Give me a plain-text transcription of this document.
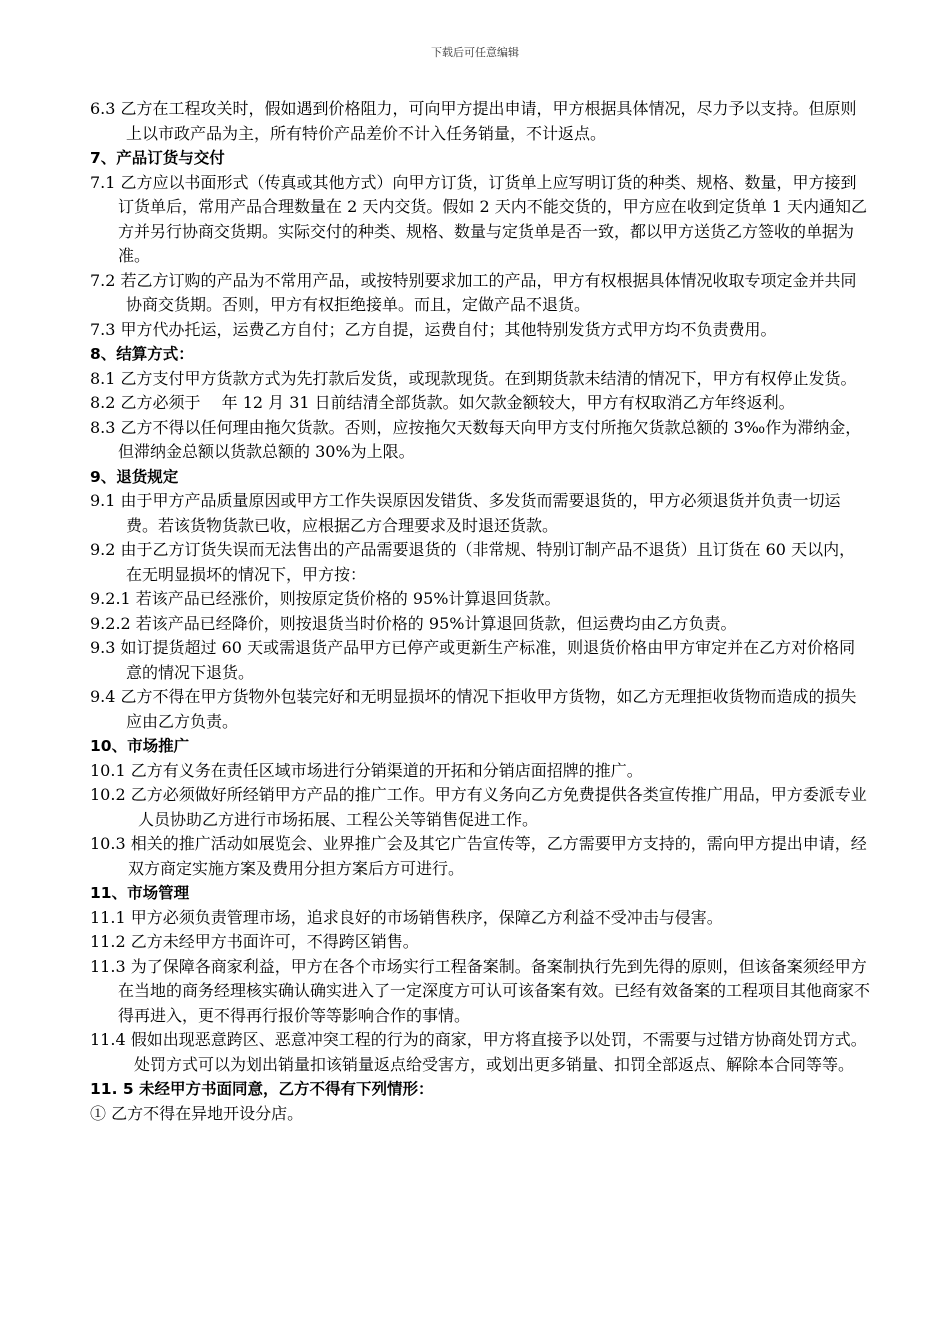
下载后可任意编辑

6.3 乙方在工程攻关时，假如遇到价格阻力，可向甲方提出申请，甲方根据具体情况，尽力予以支持。但原则上以市政产品为主，所有特价产品差价不计入任务销量，不计返点。

7、产品订货与交付

7.1 乙方应以书面形式（传真或其他方式）向甲方订货，订货单上应写明订货的种类、规格、数量，甲方接到订货单后，常用产品合理数量在 2 天内交货。假如 2 天内不能交货的，甲方应在收到定货单 1 天内通知乙方并另行协商交货期。实际交付的种类、规格、数量与定货单是否一致，都以甲方送货乙方签收的单据为准。

7.2 若乙方订购的产品为不常用产品，或按特别要求加工的产品，甲方有权根据具体情况收取专项定金并共同协商交货期。否则，甲方有权拒绝接单。而且，定做产品不退货。

7.3 甲方代办托运，运费乙方自付；乙方自提，运费自付；其他特别发货方式甲方均不负责费用。

8、结算方式：

8.1 乙方支付甲方货款方式为先打款后发货，或现款现货。在到期货款未结清的情况下，甲方有权停止发货。

8.2 乙方必须于　 年 12 月 31 日前结清全部货款。如欠款金额较大，甲方有权取消乙方年终返利。

8.3 乙方不得以任何理由拖欠货款。否则，应按拖欠天数每天向甲方支付所拖欠货款总额的 3‰作为滞纳金，但滞纳金总额以货款总额的 30%为上限。

9、退货规定

9.1 由于甲方产品质量原因或甲方工作失误原因发错货、多发货而需要退货的，甲方必须退货并负责一切运费。若该货物货款已收，应根据乙方合理要求及时退还货款。

9.2 由于乙方订货失误而无法售出的产品需要退货的（非常规、特别订制产品不退货）且订货在 60 天以内，在无明显损坏的情况下，甲方按：

9.2.1 若该产品已经涨价，则按原定货价格的 95%计算退回货款。

9.2.2 若该产品已经降价，则按退货当时价格的 95%计算退回货款，但运费均由乙方负责。

9.3 如订提货超过 60 天或需退货产品甲方已停产或更新生产标准，则退货价格由甲方审定并在乙方对价格同意的情况下退货。

9.4 乙方不得在甲方货物外包装完好和无明显损坏的情况下拒收甲方货物，如乙方无理拒收货物而造成的损失应由乙方负责。

10、市场推广

10.1 乙方有义务在责任区域市场进行分销渠道的开拓和分销店面招牌的推广。

10.2 乙方必须做好所经销甲方产品的推广工作。甲方有义务向乙方免费提供各类宣传推广用品，甲方委派专业人员协助乙方进行市场拓展、工程公关等销售促进工作。

10.3 相关的推广活动如展览会、业界推广会及其它广告宣传等，乙方需要甲方支持的，需向甲方提出申请，经双方商定实施方案及费用分担方案后方可进行。

11、市场管理

11.1 甲方必须负责管理市场，追求良好的市场销售秩序，保障乙方利益不受冲击与侵害。

11.2 乙方未经甲方书面许可，不得跨区销售。

11.3 为了保障各商家利益，甲方在各个市场实行工程备案制。备案制执行先到先得的原则，但该备案须经甲方在当地的商务经理核实确认确实进入了一定深度方可认可该备案有效。已经有效备案的工程项目其他商家不得再进入，更不得再行报价等等影响合作的事情。

11.4 假如出现恶意跨区、恶意冲突工程的行为的商家，甲方将直接予以处罚，不需要与过错方协商处罚方式。处罚方式可以为划出销量扣该销量返点给受害方，或划出更多销量、扣罚全部返点、解除本合同等等。

11. 5 未经甲方书面同意，乙方不得有下列情形：

① 乙方不得在异地开设分店。
